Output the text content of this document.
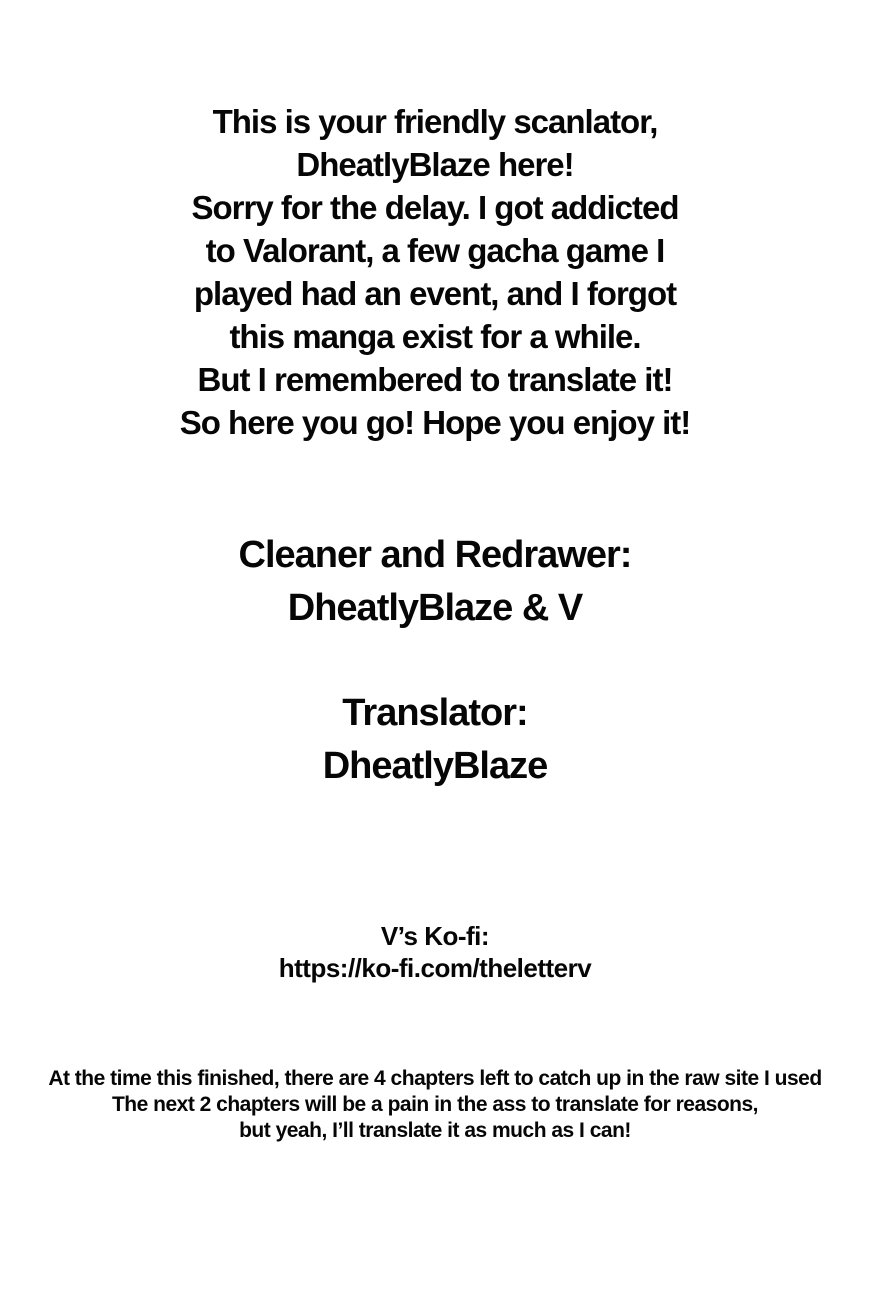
This is your friendly scanlator,
DheatlyBlaze here!
Sorry for the delay. I got addicted
to Valorant, a few gacha game I
played had an event, and I forgot
this manga exist for a while.
But I remembered to translate it!
So here you go! Hope you enjoy it!
Cleaner and Redrawer:
DheatlyBlaze & V
Translator:
DheatlyBlaze
V’s Ko-fi:
https://ko-fi.com/theletterv
At the time this finished, there are 4 chapters left to catch up in the raw site I used
The next 2 chapters will be a pain in the ass to translate for reasons,
but yeah, I’ll translate it as much as I can!
